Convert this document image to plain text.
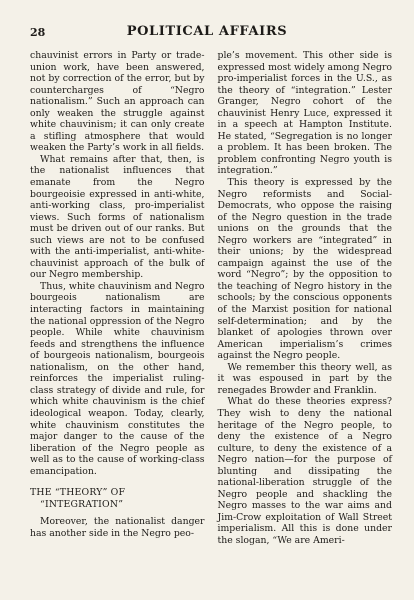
28	POLITICAL AFFAIRS

chauvinist errors in Party or trade-union work, have been answered, not by correction of the error, but by countercharges of “Negro nationalism.” Such an approach can only weaken the struggle against white chauvinism; it can only create a stifling atmosphere that would weaken the Party’s work in all fields.

What remains after that, then, is the nationalist influences that emanate from the Negro bourgeoisie expressed in anti-white, anti-working class, pro-imperialist views. Such forms of nationalism must be driven out of our ranks. But such views are not to be confused with the anti-imperialist, anti-white-chauvinist approach of the bulk of our Negro membership.

Thus, white chauvinism and Negro bourgeois nationalism are interacting factors in maintaining the national oppression of the Negro people. While white chauvinism feeds and strengthens the influence of bourgeois nationalism, bourgeois nationalism, on the other hand, reinforces the imperialist ruling-class strategy of divide and rule, for which white chauvinism is the chief ideological weapon. Today, clearly, white chauvinism constitutes the major danger to the cause of the liberation of the Negro people as well as to the cause of working-class emancipation.

THE “THEORY” OF
“INTEGRATION”

Moreover, the nationalist danger has another side in the Negro peo-

ple’s movement. This other side is expressed most widely among Negro pro-imperialist forces in the U.S., as the theory of “integration.” Lester Granger, Negro cohort of the chauvinist Henry Luce, expressed it in a speech at Hampton Institute. He stated, “Segregation is no longer a problem. It has been broken. The problem confronting Negro youth is integration.”

This theory is expressed by the Negro reformists and Social-Democrats, who oppose the raising of the Negro question in the trade unions on the grounds that the Negro workers are “integrated” in their unions; by the widespread campaign against the use of the word “Negro”; by the opposition to the teaching of Negro history in the schools; by the conscious opponents of the Marxist position for national self-determination; and by the blanket of apologies thrown over American imperialism’s crimes against the Negro people.

We remember this theory well, as it was espoused in part by the renegades Browder and Franklin.

What do these theories express? They wish to deny the national heritage of the Negro people, to deny the existence of a Negro culture, to deny the existence of a Negro nation—for the purpose of blunting and dissipating the national-liberation struggle of the Negro people and shackling the Negro masses to the war aims and Jim-Crow exploitation of Wall Street imperialism. All this is done under the slogan, “We are Ameri-
